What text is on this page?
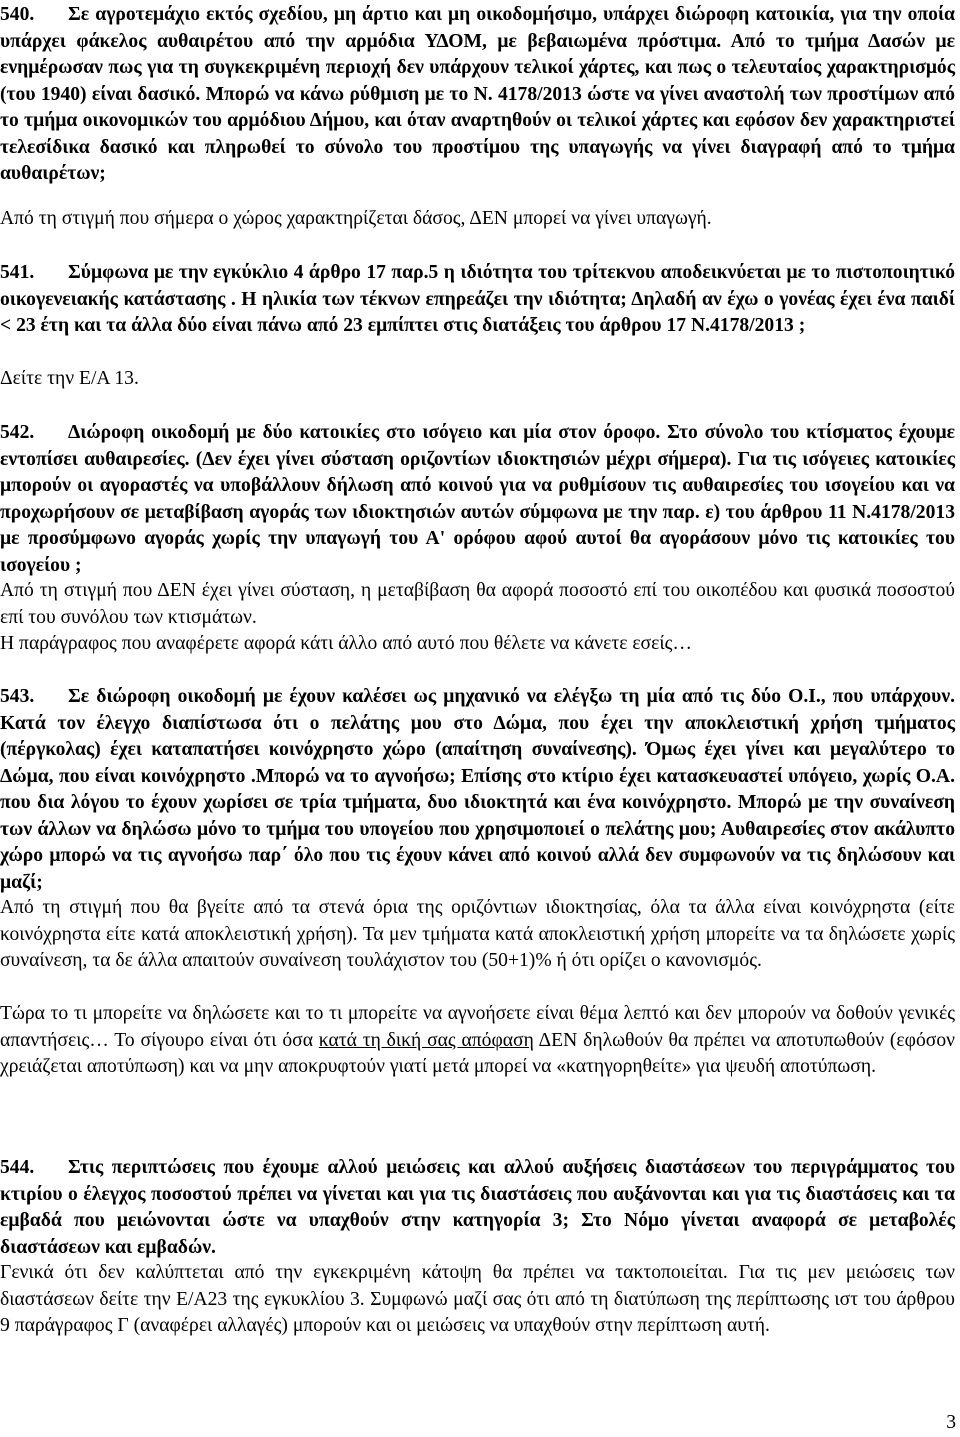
540. Σε αγροτεμάχιο εκτός σχεδίου, μη άρτιο και μη οικοδομήσιμο, υπάρχει διώροφη κατοικία, για την οποία υπάρχει φάκελος αυθαιρέτου από την αρμόδια ΥΔΟΜ, με βεβαιωμένα πρόστιμα. Από το τμήμα Δασών με ενημέρωσαν πως για τη συγκεκριμένη περιοχή δεν υπάρχουν τελικοί χάρτες, και πως ο τελευταίος χαρακτηρισμός (του 1940) είναι δασικό. Μπορώ να κάνω ρύθμιση με το Ν. 4178/2013 ώστε να γίνει αναστολή των προστίμων από το τμήμα οικονομικών του αρμόδιου Δήμου, και όταν αναρτηθούν οι τελικοί χάρτες και εφόσον δεν χαρακτηριστεί τελεσίδικα δασικό και πληρωθεί το σύνολο του προστίμου της υπαγωγής να γίνει διαγραφή από το τμήμα αυθαιρέτων;

Από τη στιγμή που σήμερα ο χώρος χαρακτηρίζεται δάσος, ΔΕΝ μπορεί να γίνει υπαγωγή.

541. Σύμφωνα με την εγκύκλιο 4 άρθρο 17 παρ.5 η ιδιότητα του τρίτεκνου αποδεικνύεται με το πιστοποιητικό οικογενειακής κατάστασης . Η ηλικία των τέκνων επηρεάζει την ιδιότητα; Δηλαδή αν έχω ο γονέας έχει ένα παιδί < 23 έτη και τα άλλα δύο είναι πάνω από 23 εμπίπτει στις διατάξεις του άρθρου 17 Ν.4178/2013 ;

Δείτε την Ε/Α 13.

542. Διώροφη οικοδομή με δύο κατοικίες στο ισόγειο και μία στον όροφο. Στο σύνολο του κτίσματος έχουμε εντοπίσει αυθαιρεσίες. (Δεν έχει γίνει σύσταση οριζοντίων ιδιοκτησιών μέχρι σήμερα). Για τις ισόγειες κατοικίες μπορούν οι αγοραστές να υποβάλλουν δήλωση από κοινού για να ρυθμίσουν τις αυθαιρεσίες του ισογείου και να προχωρήσουν σε μεταβίβαση αγοράς των ιδιοκτησιών αυτών σύμφωνα με την παρ. ε) του άρθρου 11 Ν.4178/2013 με προσύμφωνο αγοράς χωρίς την υπαγωγή του Α' ορόφου αφού αυτοί θα αγοράσουν μόνο τις κατοικίες του ισογείου ;

Από τη στιγμή που ΔΕΝ έχει γίνει σύσταση, η μεταβίβαση θα αφορά ποσοστό επί του οικοπέδου και φυσικά ποσοστού επί του συνόλου των κτισμάτων.

Η παράγραφος που αναφέρετε αφορά κάτι άλλο από αυτό που θέλετε να κάνετε εσείς…

543. Σε διώροφη οικοδομή με έχουν καλέσει ως μηχανικό να ελέγξω τη μία από τις δύο Ο.Ι., που υπάρχουν. Κατά τον έλεγχο διαπίστωσα ότι ο πελάτης μου στο Δώμα, που έχει την αποκλειστική χρήση τμήματος (πέργκολας) έχει καταπατήσει κοινόχρηστο χώρο (απαίτηση συναίνεσης). Όμως έχει γίνει και μεγαλύτερο το Δώμα, που είναι κοινόχρηστο .Μπορώ να το αγνοήσω; Επίσης στο κτίριο έχει κατασκευαστεί υπόγειο, χωρίς Ο.Α. που δια λόγου το έχουν χωρίσει σε τρία τμήματα, δυο ιδιοκτητά και ένα κοινόχρηστο. Μπορώ με την συναίνεση των άλλων να δηλώσω μόνο το τμήμα του υπογείου που χρησιμοποιεί ο πελάτης μου; Αυθαιρεσίες στον ακάλυπτο χώρο μπορώ να τις αγνοήσω παρ΄ όλο που τις έχουν κάνει από κοινού αλλά δεν συμφωνούν να τις δηλώσουν και μαζί;

Από τη στιγμή που θα βγείτε από τα στενά όρια της οριζόντιων ιδιοκτησίας, όλα τα άλλα είναι κοινόχρηστα (είτε κοινόχρηστα είτε κατά αποκλειστική χρήση). Τα μεν τμήματα κατά αποκλειστική χρήση μπορείτε να τα δηλώσετε χωρίς συναίνεση, τα δε άλλα απαιτούν συναίνεση τουλάχιστον του (50+1)% ή ότι ορίζει ο κανονισμός.

Τώρα το τι μπορείτε να δηλώσετε και το τι μπορείτε να αγνοήσετε είναι θέμα λεπτό και δεν μπορούν να δοθούν γενικές απαντήσεις… Το σίγουρο είναι ότι όσα κατά τη δική σας απόφαση ΔΕΝ δηλωθούν θα πρέπει να αποτυπωθούν (εφόσον χρειάζεται αποτύπωση) και να μην αποκρυφτούν γιατί μετά μπορεί να «κατηγορηθείτε» για ψευδή αποτύπωση.

544. Στις περιπτώσεις που έχουμε αλλού μειώσεις και αλλού αυξήσεις διαστάσεων του περιγράμματος του κτιρίου ο έλεγχος ποσοστού πρέπει να γίνεται και για τις διαστάσεις που αυξάνονται και για τις διαστάσεις και τα εμβαδά που μειώνονται ώστε να υπαχθούν στην κατηγορία 3; Στο Νόμο γίνεται αναφορά σε μεταβολές διαστάσεων και εμβαδών.

Γενικά ότι δεν καλύπτεται από την εγκεκριμένη κάτοψη θα πρέπει να τακτοποιείται. Για τις μεν μειώσεις των διαστάσεων δείτε την Ε/Α23 της εγκυκλίου 3. Συμφωνώ μαζί σας ότι από τη διατύπωση της περίπτωσης ιστ του άρθρου 9 παράγραφος Γ (αναφέρει αλλαγές) μπορούν και οι μειώσεις να υπαχθούν στην περίπτωση αυτή.

3
